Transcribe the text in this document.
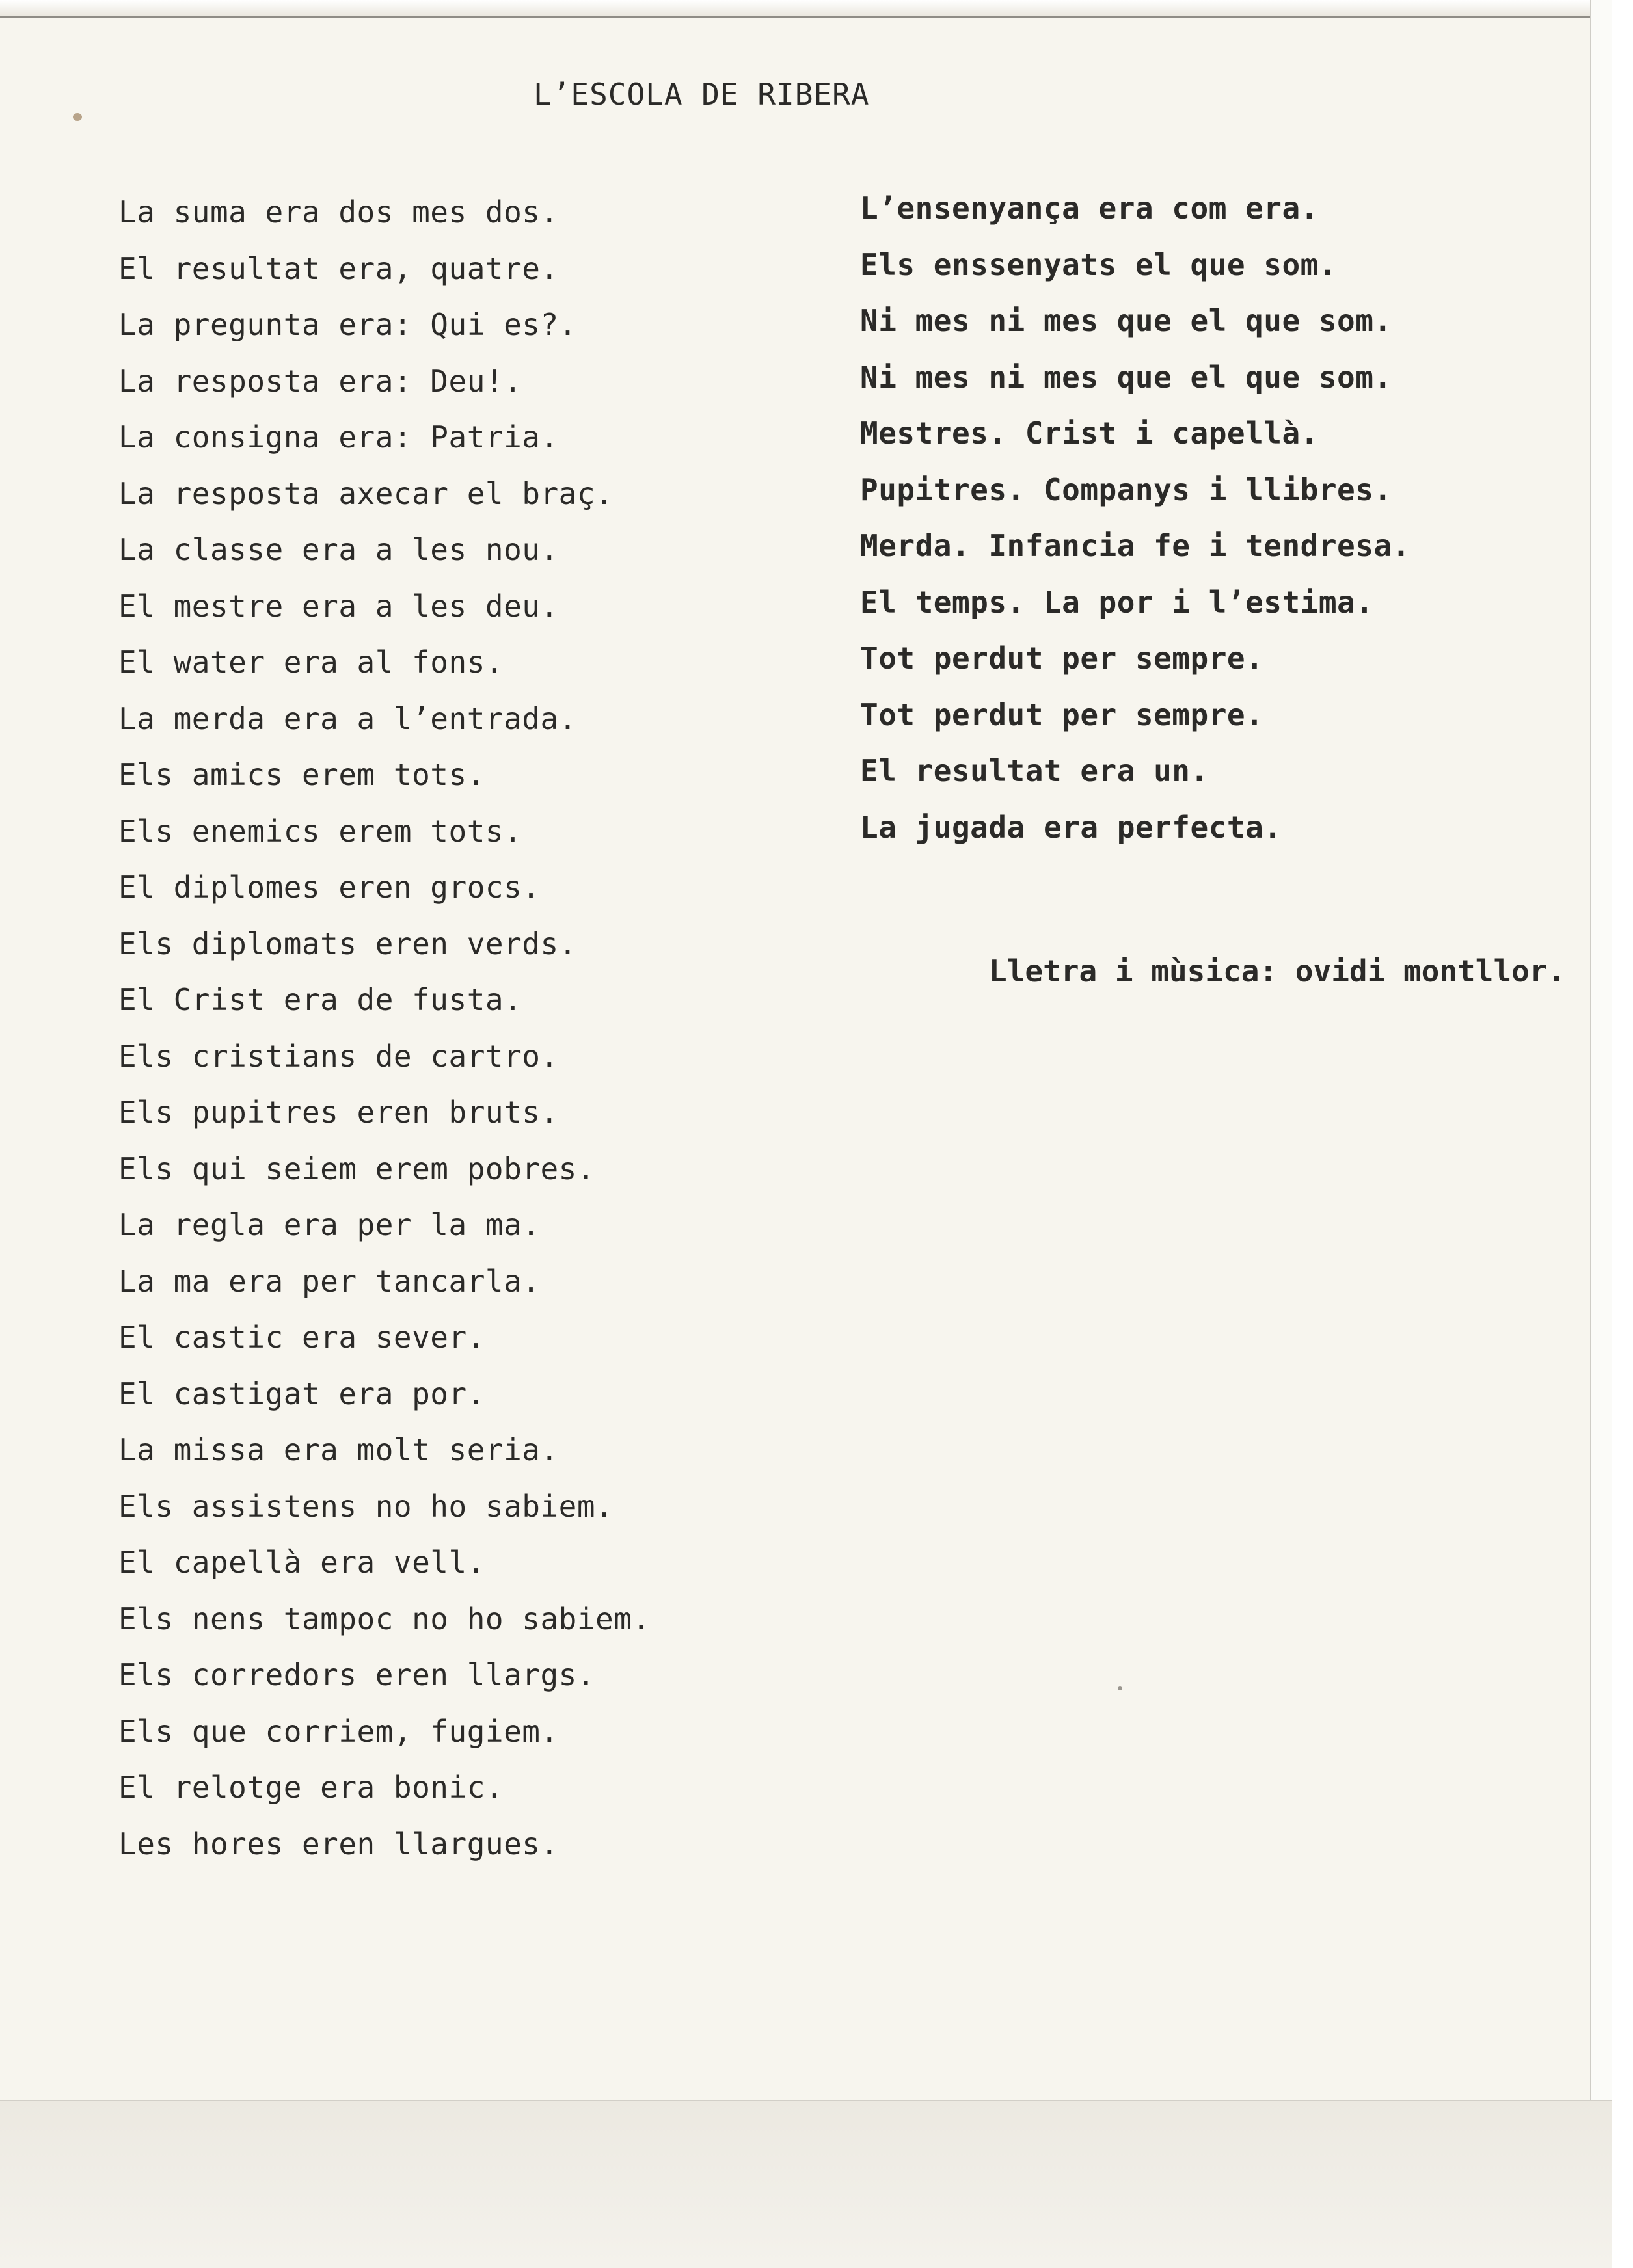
L’ESCOLA DE RIBERA
La suma era dos mes dos.
El resultat era, quatre.
La pregunta era: Qui es?.
La resposta era: Deu!.
La consigna era: Patria.
La resposta axecar el braç.
La classe era a les nou.
El mestre era a les deu.
El water era al fons.
La merda era a l’entrada.
Els amics erem tots.
Els enemics erem tots.
El diplomes eren grocs.
Els diplomats eren verds.
El Crist era de fusta.
Els cristians de cartro.
Els pupitres eren bruts.
Els qui seiem erem pobres.
La regla era per la ma.
La ma era per tancarla.
El castic era sever.
El castigat era por.
La missa era molt seria.
Els assistens no ho sabiem.
El capellà era vell.
Els nens tampoc no ho sabiem.
Els corredors eren llargs.
Els que corriem, fugiem.
El relotge era bonic.
Les hores eren llargues.
L’ensenyança era com era.
Els enssenyats el que som.
Ni mes ni mes que el que som.
Ni mes ni mes que el que som.
Mestres. Crist i capellà.
Pupitres. Companys i llibres.
Merda. Infancia fe i tendresa.
El temps. La por i l’estima.
Tot perdut per sempre.
Tot perdut per sempre.
El resultat era un.
La jugada era perfecta.

Lletra i mùsica: ovidi montllor.
